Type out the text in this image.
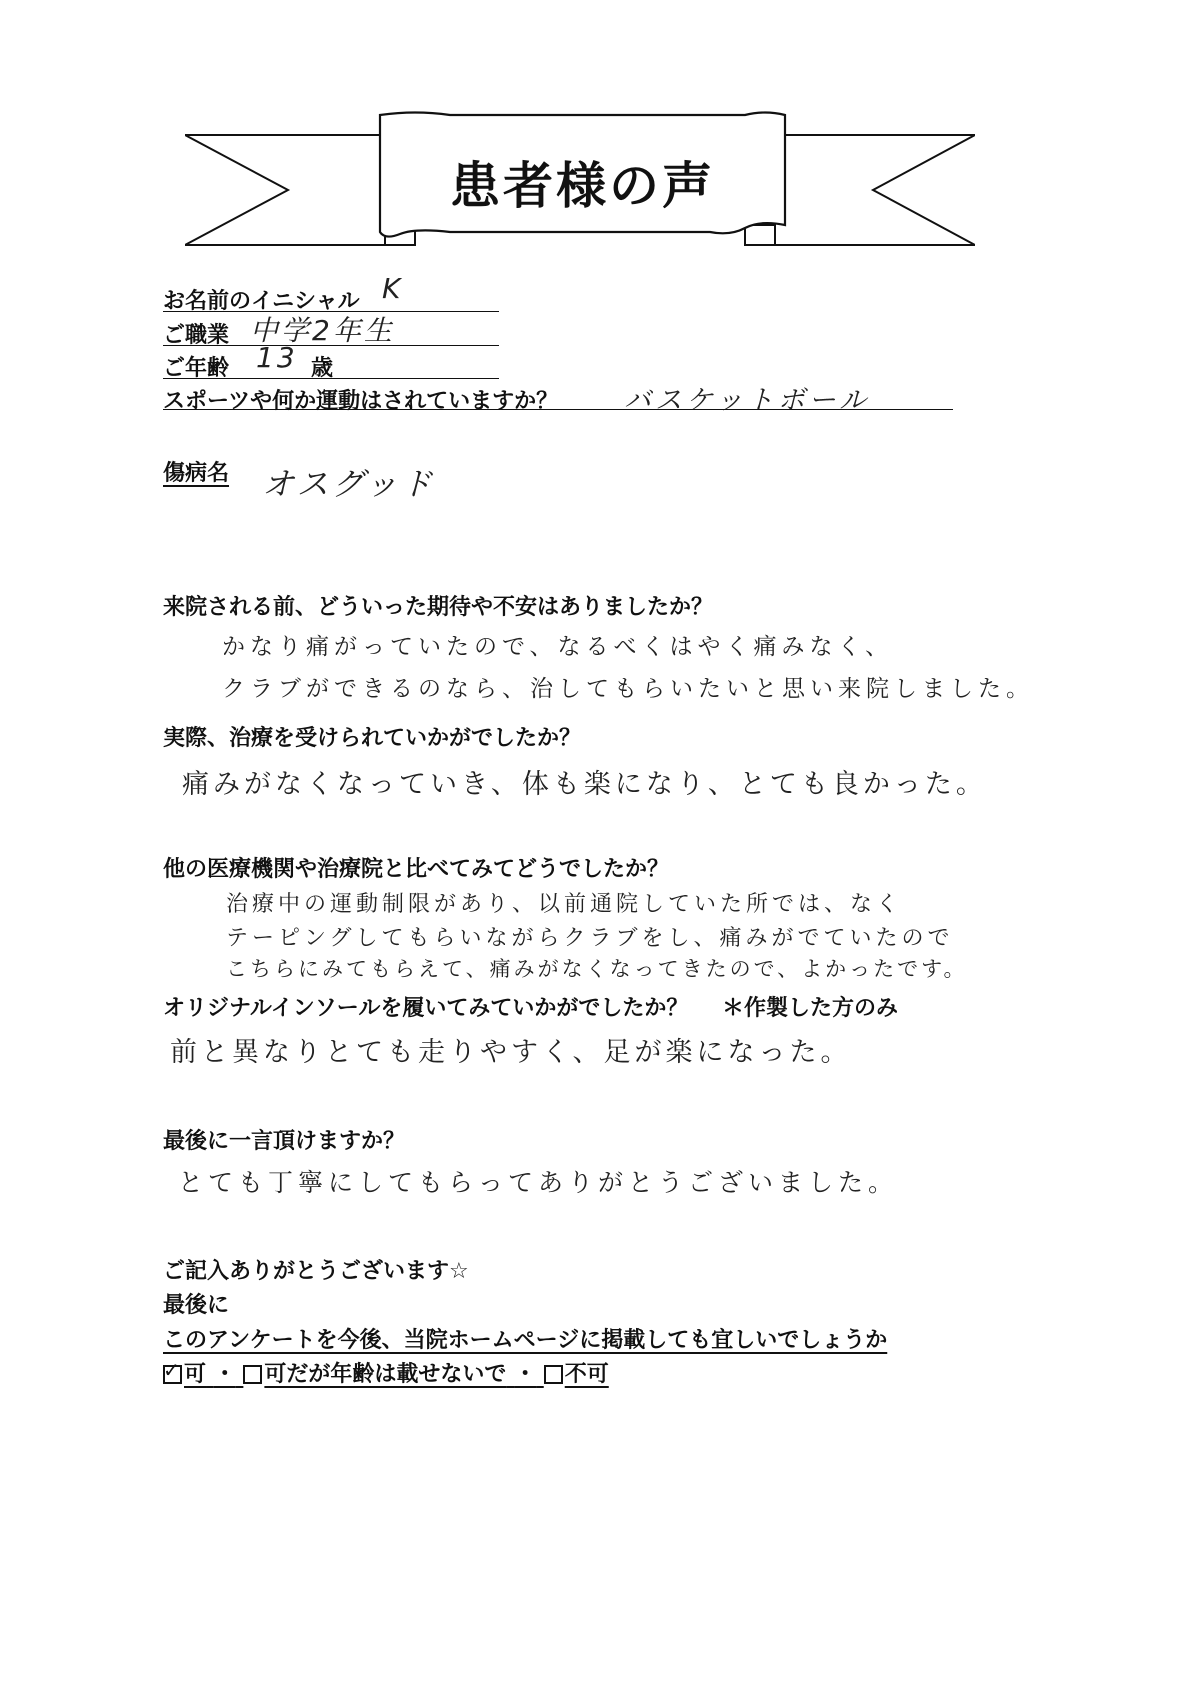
患者様の声
お名前のイニシャル K
ご職業 中学2年生
ご年齢 13 歳
スポーツや何か運動はされていますか？ バスケットボール
傷病名 オスグッド
来院される前、どういった期待や不安はありましたか？
かなり痛がっていたので、なるべくはやく痛みなく、
クラブができるのなら、治してもらいたいと思い来院しました。
実際、治療を受けられていかがでしたか？
痛みがなくなっていき、体も楽になり、とても良かった。
他の医療機関や治療院と比べてみてどうでしたか？
治療中の運動制限があり、以前通院していた所では、なく
テーピングしてもらいながらクラブをし、痛みがでていたので
こちらにみてもらえて、痛みがなくなってきたので、よかったです。
オリジナルインソールを履いてみていかがでしたか？ ＊作製した方のみ
前と異なりとても走りやすく、足が楽になった。
最後に一言頂けますか？
とても丁寧にしてもらってありがとうございました。
ご記入ありがとうございます☆
最後に
このアンケートを今後、当院ホームページに掲載しても宜しいでしょうか
✓ 可 ・ 可だが年齢は載せないで ・ 不可
